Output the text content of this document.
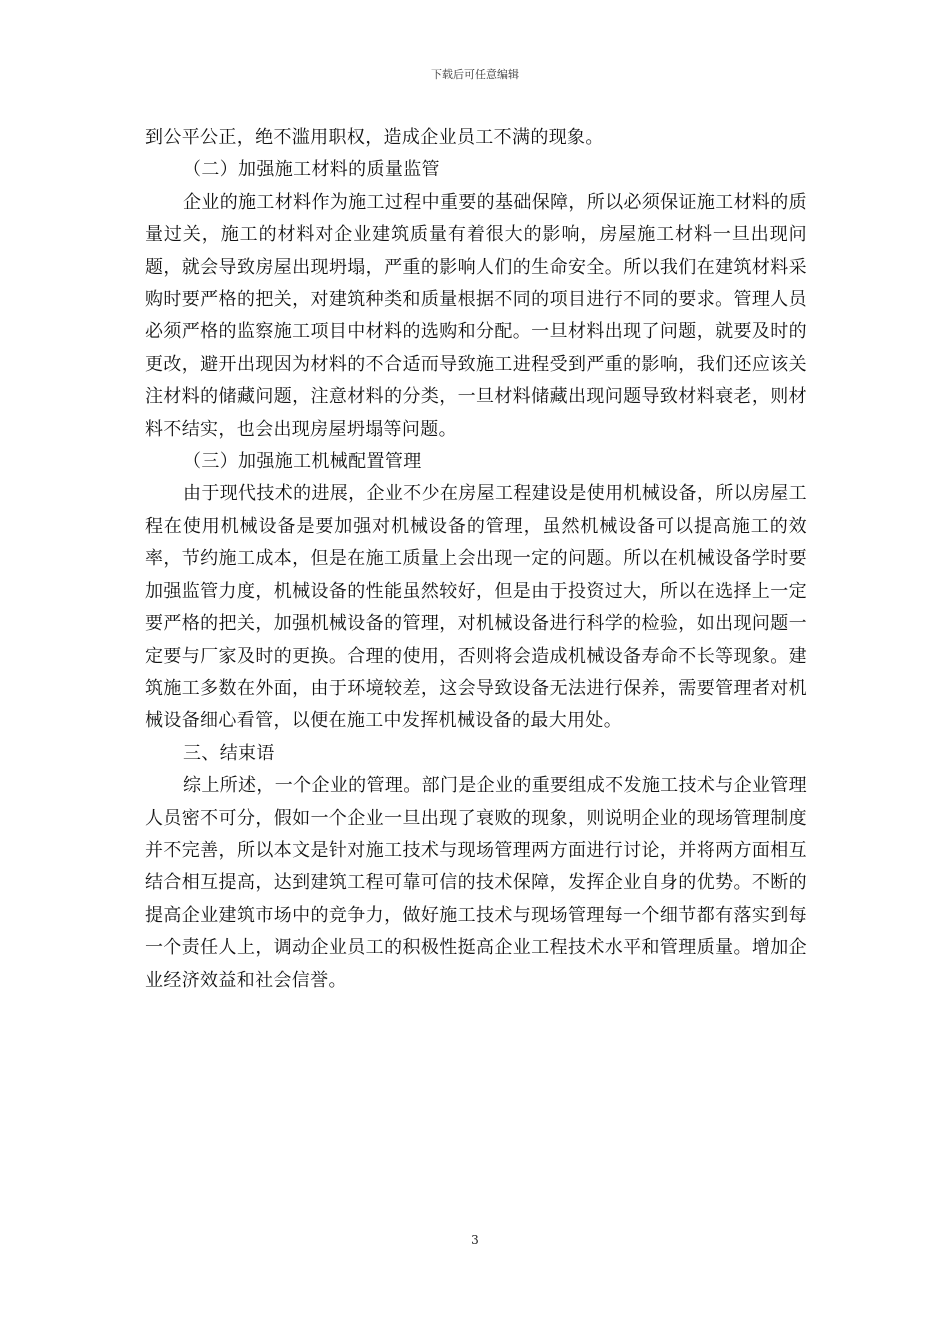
下载后可任意编辑

到公平公正，绝不滥用职权，造成企业员工不满的现象。

（二）加强施工材料的质量监管

企业的施工材料作为施工过程中重要的基础保障，所以必须保证施工材料的质量过关，施工的材料对企业建筑质量有着很大的影响，房屋施工材料一旦出现问题，就会导致房屋出现坍塌，严重的影响人们的生命安全。所以我们在建筑材料采购时要严格的把关，对建筑种类和质量根据不同的项目进行不同的要求。管理人员必须严格的监察施工项目中材料的选购和分配。一旦材料出现了问题，就要及时的更改，避开出现因为材料的不合适而导致施工进程受到严重的影响，我们还应该关注材料的储藏问题，注意材料的分类，一旦材料储藏出现问题导致材料衰老，则材料不结实，也会出现房屋坍塌等问题。

（三）加强施工机械配置管理

由于现代技术的进展，企业不少在房屋工程建设是使用机械设备，所以房屋工程在使用机械设备是要加强对机械设备的管理，虽然机械设备可以提高施工的效率，节约施工成本，但是在施工质量上会出现一定的问题。所以在机械设备学时要加强监管力度，机械设备的性能虽然较好，但是由于投资过大，所以在选择上一定要严格的把关，加强机械设备的管理，对机械设备进行科学的检验，如出现问题一定要与厂家及时的更换。合理的使用，否则将会造成机械设备寿命不长等现象。建筑施工多数在外面，由于环境较差，这会导致设备无法进行保养，需要管理者对机械设备细心看管，以便在施工中发挥机械设备的最大用处。

三、结束语

综上所述，一个企业的管理。部门是企业的重要组成不发施工技术与企业管理人员密不可分，假如一个企业一旦出现了衰败的现象，则说明企业的现场管理制度并不完善，所以本文是针对施工技术与现场管理两方面进行讨论，并将两方面相互结合相互提高，达到建筑工程可靠可信的技术保障，发挥企业自身的优势。不断的提高企业建筑市场中的竞争力，做好施工技术与现场管理每一个细节都有落实到每一个责任人上，调动企业员工的积极性挺高企业工程技术水平和管理质量。增加企业经济效益和社会信誉。

3
